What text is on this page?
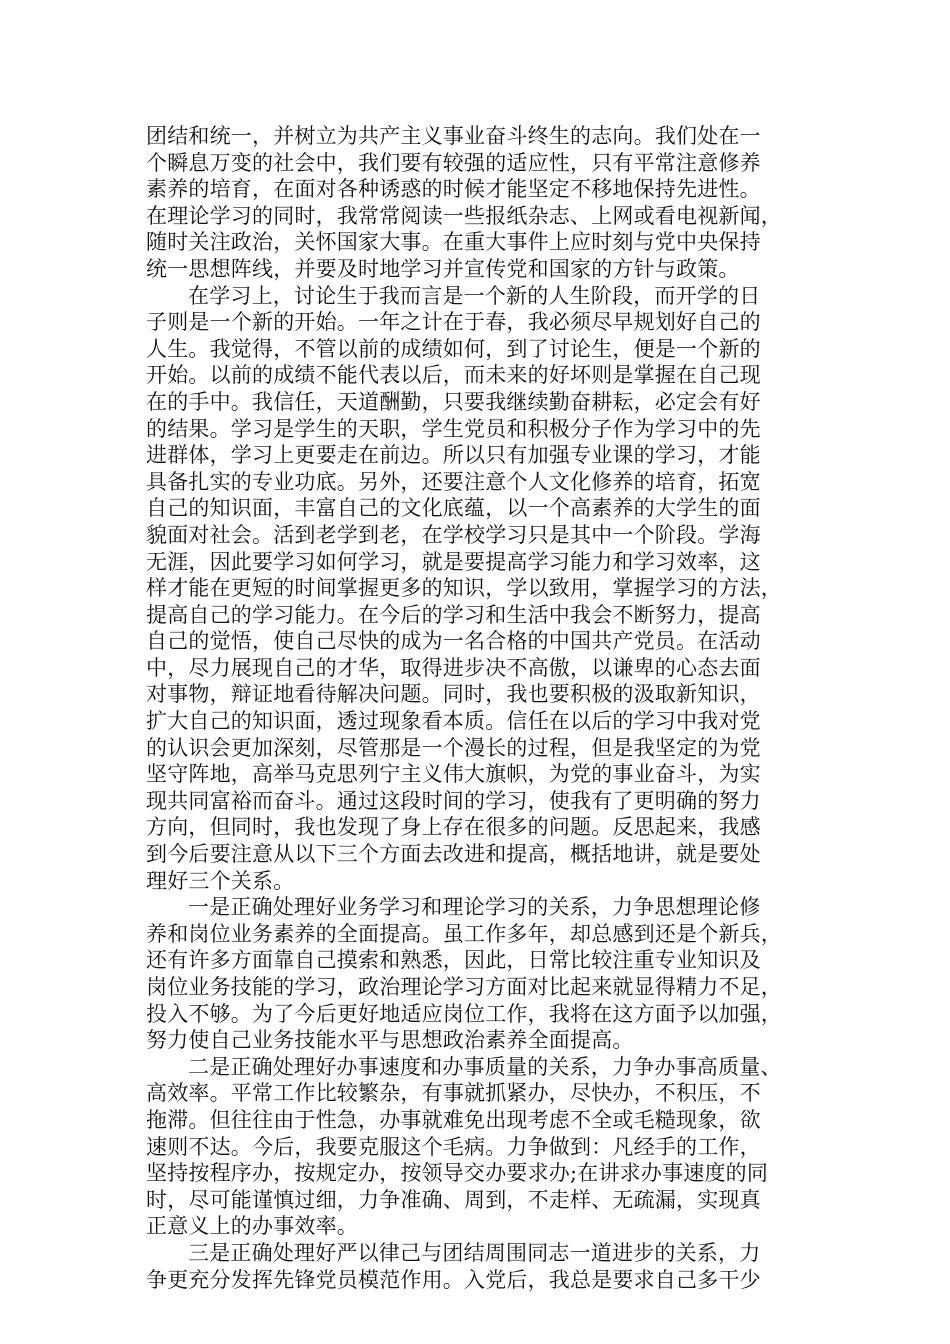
团结和统一，并树立为共产主义事业奋斗终生的志向。我们处在一
个瞬息万变的社会中，我们要有较强的适应性，只有平常注意修养
素养的培育，在面对各种诱惑的时候才能坚定不移地保持先进性。
在理论学习的同时，我常常阅读一些报纸杂志、上网或看电视新闻，
随时关注政治，关怀国家大事。在重大事件上应时刻与党中央保持
统一思想阵线，并要及时地学习并宣传党和国家的方针与政策。
在学习上，讨论生于我而言是一个新的人生阶段，而开学的日
子则是一个新的开始。一年之计在于春，我必须尽早规划好自己的
人生。我觉得，不管以前的成绩如何，到了讨论生，便是一个新的
开始。以前的成绩不能代表以后，而未来的好坏则是掌握在自己现
在的手中。我信任，天道酬勤，只要我继续勤奋耕耘，必定会有好
的结果。学习是学生的天职，学生党员和积极分子作为学习中的先
进群体，学习上更要走在前边。所以只有加强专业课的学习，才能
具备扎实的专业功底。另外，还要注意个人文化修养的培育，拓宽
自己的知识面，丰富自己的文化底蕴，以一个高素养的大学生的面
貌面对社会。活到老学到老，在学校学习只是其中一个阶段。学海
无涯，因此要学习如何学习，就是要提高学习能力和学习效率，这
样才能在更短的时间掌握更多的知识，学以致用，掌握学习的方法，
提高自己的学习能力。在今后的学习和生活中我会不断努力，提高
自己的觉悟，使自己尽快的成为一名合格的中国共产党员。在活动
中，尽力展现自己的才华，取得进步决不高傲，以谦卑的心态去面
对事物，辩证地看待解决问题。同时，我也要积极的汲取新知识，
扩大自己的知识面，透过现象看本质。信任在以后的学习中我对党
的认识会更加深刻，尽管那是一个漫长的过程，但是我坚定的为党
坚守阵地，高举马克思列宁主义伟大旗帜，为党的事业奋斗，为实
现共同富裕而奋斗。通过这段时间的学习，使我有了更明确的努力
方向，但同时，我也发现了身上存在很多的问题。反思起来，我感
到今后要注意从以下三个方面去改进和提高，概括地讲，就是要处
理好三个关系。
一是正确处理好业务学习和理论学习的关系，力争思想理论修
养和岗位业务素养的全面提高。虽工作多年，却总感到还是个新兵，
还有许多方面靠自己摸索和熟悉，因此，日常比较注重专业知识及
岗位业务技能的学习，政治理论学习方面对比起来就显得精力不足，
投入不够。为了今后更好地适应岗位工作，我将在这方面予以加强，
努力使自己业务技能水平与思想政治素养全面提高。
二是正确处理好办事速度和办事质量的关系，力争办事高质量、
高效率。平常工作比较繁杂，有事就抓紧办，尽快办，不积压，不
拖滞。但往往由于性急，办事就难免出现考虑不全或毛糙现象，欲
速则不达。今后，我要克服这个毛病。力争做到：凡经手的工作，
坚持按程序办，按规定办，按领导交办要求办;在讲求办事速度的同
时，尽可能谨慎过细，力争准确、周到，不走样、无疏漏，实现真
正意义上的办事效率。
三是正确处理好严以律己与团结周围同志一道进步的关系，力
争更充分发挥先锋党员模范作用。入党后，我总是要求自己多干少
